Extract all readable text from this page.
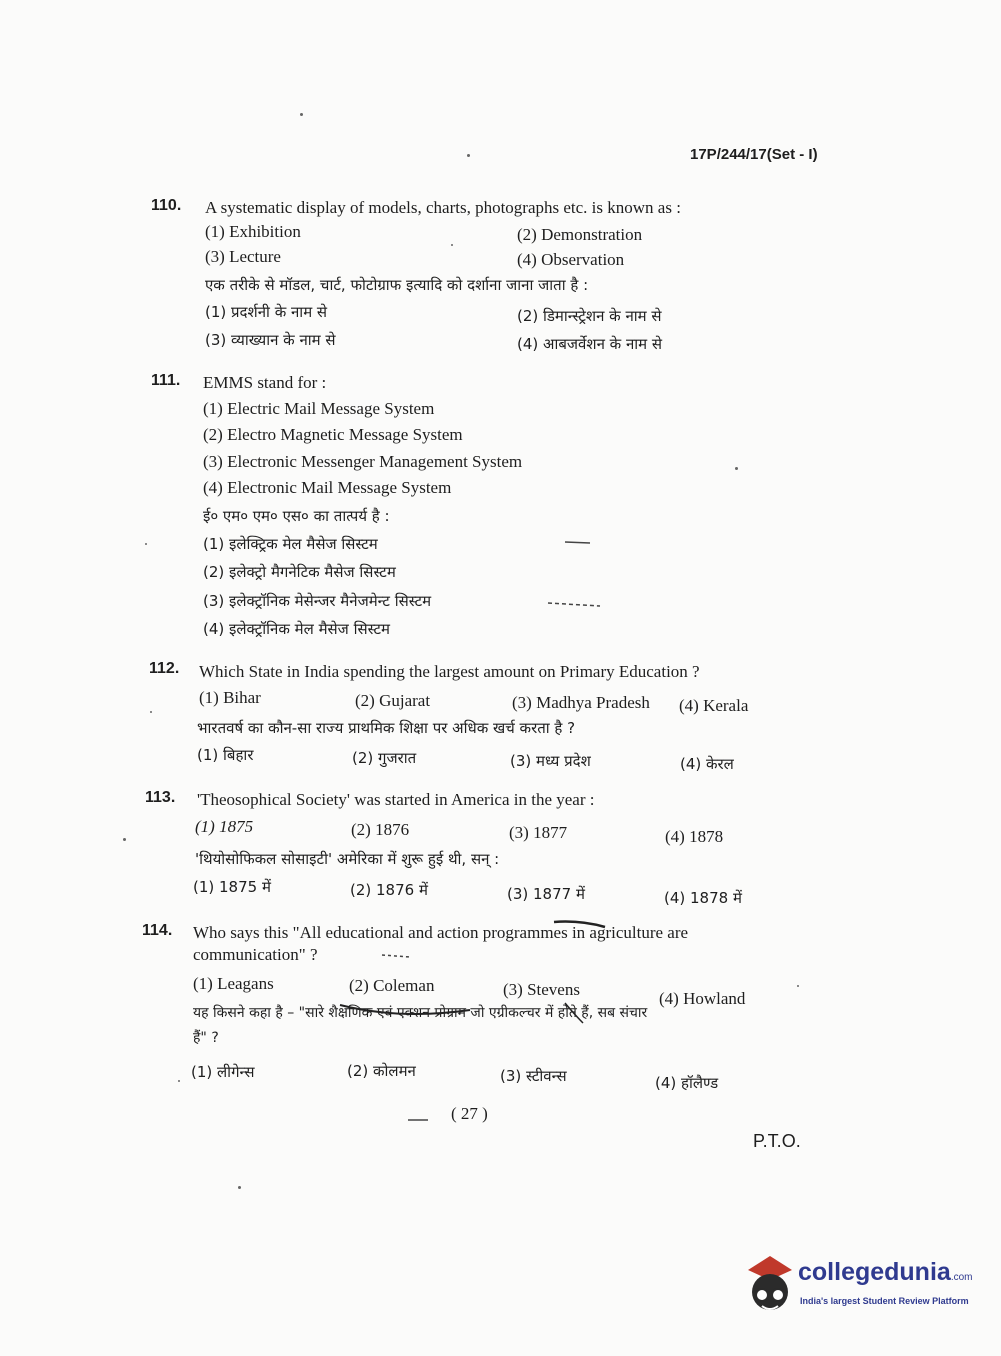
17P/244/17(Set - I)
110. A systematic display of models, charts, photographs etc. is known as :
(1) Exhibition	(2) Demonstration
(3) Lecture	(4) Observation
एक तरीके से मॉडल, चार्ट, फोटोग्राफ इत्यादि को दर्शाना जाना जाता है :
(1) प्रदर्शनी के नाम से	(2) डिमान्स्ट्रेशन के नाम से
(3) व्याख्यान के नाम से	(4) आबजर्वेशन के नाम से
111. EMMS stand for :
(1) Electric Mail Message System
(2) Electro Magnetic Message System
(3) Electronic Messenger Management System
(4) Electronic Mail Message System
ई० एम० एम० एस० का तात्पर्य है :
(1) इलेक्ट्रिक मेल मैसेज सिस्टम
(2) इलेक्ट्रो मैगनेटिक मैसेज सिस्टम
(3) इलेक्ट्रॉनिक मेसेन्जर मैनेजमेन्ट सिस्टम
(4) इलेक्ट्रॉनिक मेल मैसेज सिस्टम
112. Which State in India spending the largest amount on Primary Education ?
(1) Bihar	(2) Gujarat	(3) Madhya Pradesh (4) Kerala
भारतवर्ष का कौन-सा राज्य प्राथमिक शिक्षा पर अधिक खर्च करता है ?
(1) बिहार	(2) गुजरात	(3) मध्य प्रदेश	(4) केरल
113. 'Theosophical Society' was started in America in the year :
(1) 1875	(2) 1876	(3) 1877	(4) 1878
'थियोसोफिकल सोसाइटी' अमेरिका में शुरू हुई थी, सन् :
(1) 1875 में	(2) 1876 में	(3) 1877 में	(4) 1878 में
114. Who says this "All educational and action programmes in agriculture are
communication" ?
(1) Leagans	(2) Coleman	(3) Stevens	(4) Howland
यह किसने कहा है – "सारे शैक्षणिक एवं एक्शन प्रोग्राम जो एग्रीकल्चर में होते हैं, सब संचार
हैं" ?
(1) लीगेन्स	(2) कोलमन	(3) स्टीवन्स	(4) हॉलैण्ड
( 27 )
P.T.O.
collegedunia.com
India's largest Student Review Platform
